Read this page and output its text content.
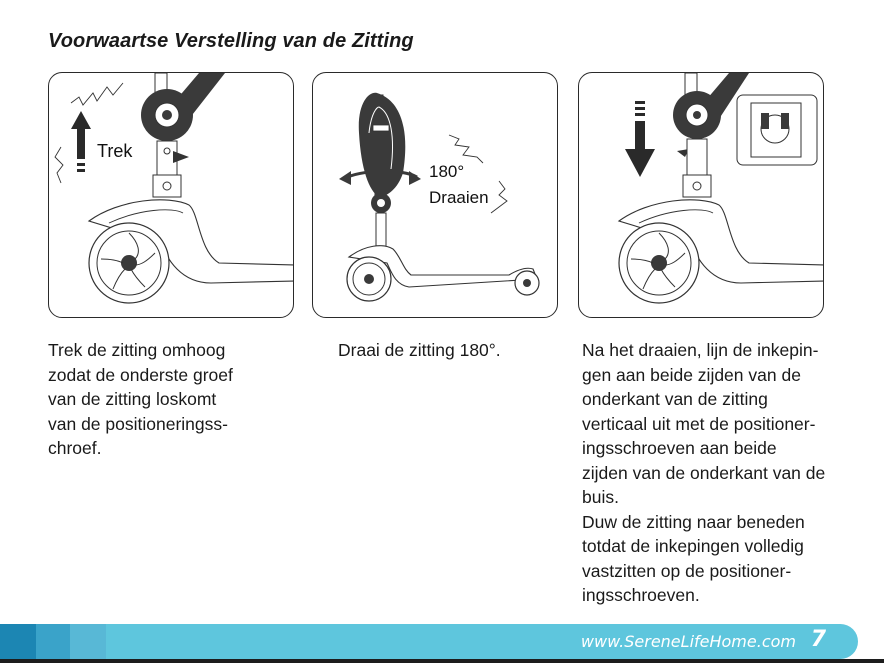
Voorwaartse Verstelling van de Zitting
Trek
180°
Draaien
Trek de zitting omhoog
zodat de onderste groef
van de zitting loskomt
van de positioneringss-
chroef.
Draai de zitting 180°.	Na het draaien, lijn de inkepin-
gen aan beide zijden van de
onderkant van de zitting
verticaal uit met de positioner-
ingsschroeven aan beide
zijden van de onderkant van de
buis.
Duw de zitting naar beneden
totdat de inkepingen volledig
vastzitten op de positioner-
ingsschroeven.
www.SereneLifeHome.com 7
